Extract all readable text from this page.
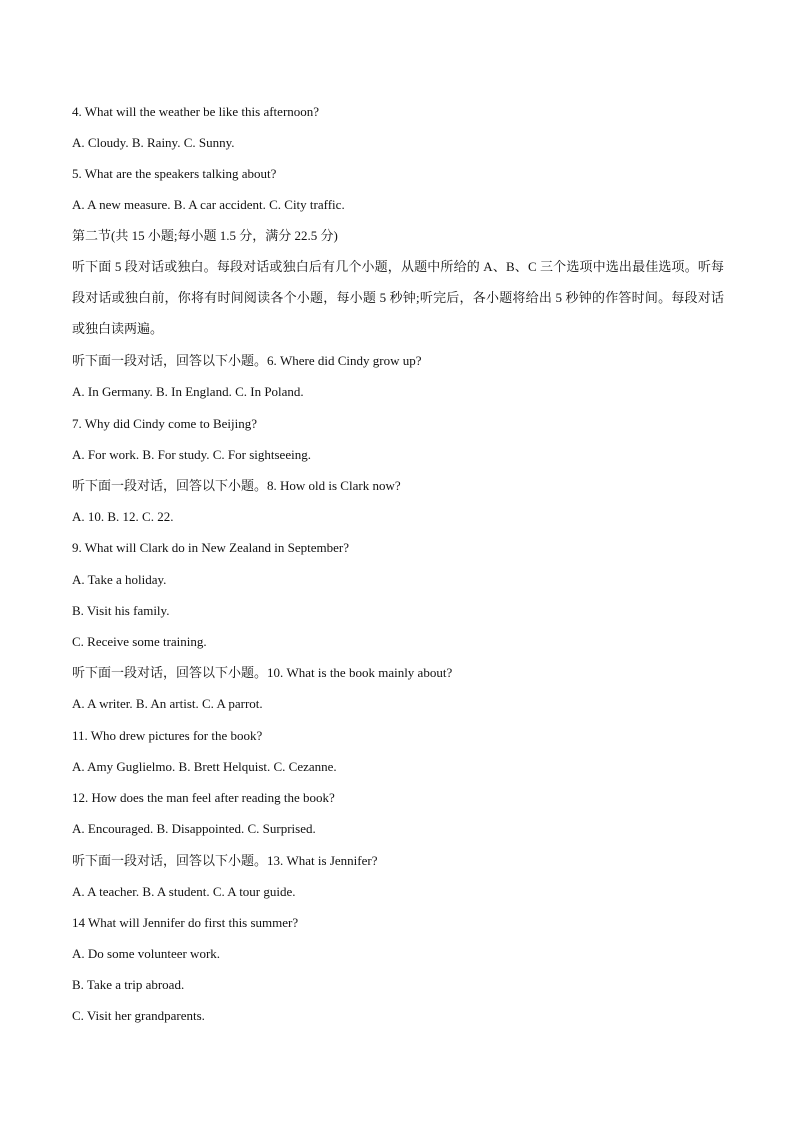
4. What will the weather be like this afternoon?
A. Cloudy. B. Rainy. C. Sunny.
5. What are the speakers talking about?
A. A new measure. B. A car accident. C. City traffic.
第二节(共 15 小题;每小题 1.5 分，满分 22.5 分)
听下面 5 段对话或独白。每段对话或独白后有几个小题，从题中所给的 A、B、C 三个选项中选出最佳选项。听每段对话或独白前，你将有时间阅读各个小题，每小题 5 秒钟;听完后，各小题将给出 5 秒钟的作答时间。每段对话或独白读两遍。
听下面一段对话，回答以下小题。6. Where did Cindy grow up?
A. In Germany. B. In England. C. In Poland.
7. Why did Cindy come to Beijing?
A. For work. B. For study. C. For sightseeing.
听下面一段对话，回答以下小题。8. How old is Clark now?
A. 10. B. 12. C. 22.
9. What will Clark do in New Zealand in September?
A. Take a holiday.
B. Visit his family.
C. Receive some training.
听下面一段对话，回答以下小题。10. What is the book mainly about?
A. A writer. B. An artist. C. A parrot.
11. Who drew pictures for the book?
A. Amy Guglielmo. B. Brett Helquist. C. Cezanne.
12. How does the man feel after reading the book?
A. Encouraged. B. Disappointed. C. Surprised.
听下面一段对话，回答以下小题。13. What is Jennifer?
A. A teacher. B. A student. C. A tour guide.
14 What will Jennifer do first this summer?
A. Do some volunteer work.
B. Take a trip abroad.
C. Visit her grandparents.
